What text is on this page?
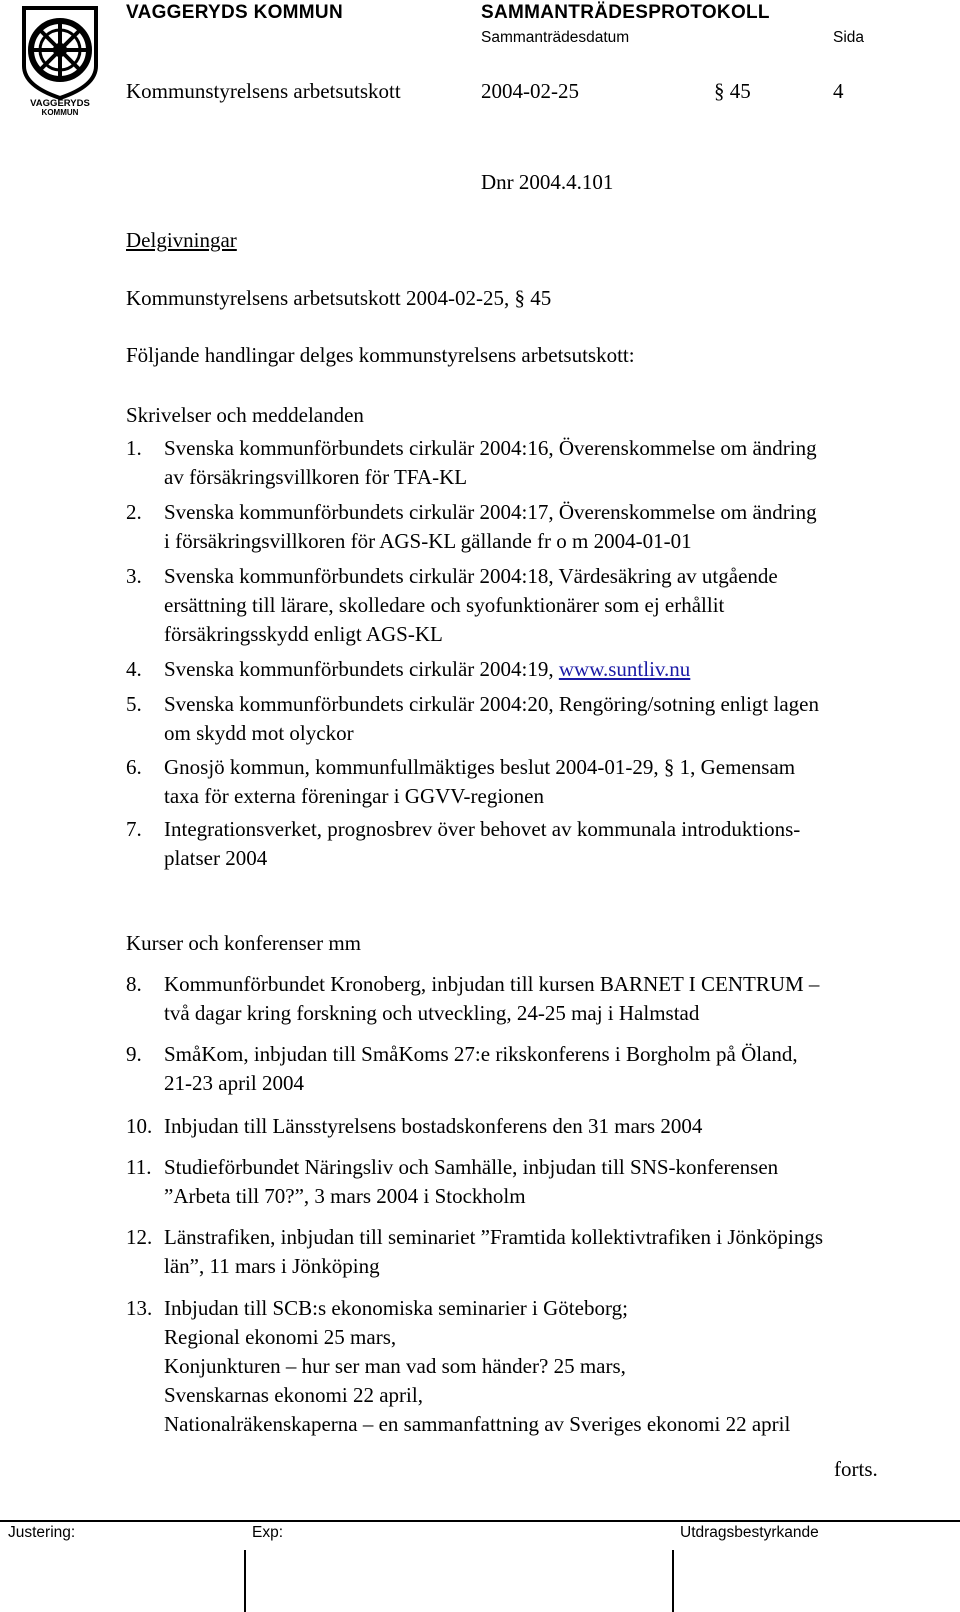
VAGGERYDS
KOMMUN
VAGGERYDS KOMMUN	SAMMANTRÄDESPROTOKOLL
Sammanträdesdatum	Sida
Kommunstyrelsens arbetsutskott	2004-02-25	§ 45	4
Dnr 2004.4.101
Delgivningar
Kommunstyrelsens arbetsutskott 2004-02-25, § 45
Följande handlingar delges kommunstyrelsens arbetsutskott:
Skrivelser och meddelanden
1. Svenska kommunförbundets cirkulär 2004:16, Överenskommelse om ändring
av försäkringsvillkoren för TFA-KL
2. Svenska kommunförbundets cirkulär 2004:17, Överenskommelse om ändring
i försäkringsvillkoren för AGS-KL gällande fr o m 2004-01-01
3. Svenska kommunförbundets cirkulär 2004:18, Värdesäkring av utgående
ersättning till lärare, skolledare och syofunktionärer som ej erhållit
försäkringsskydd enligt AGS-KL
4. Svenska kommunförbundets cirkulär 2004:19, www.suntliv.nu
5. Svenska kommunförbundets cirkulär 2004:20, Rengöring/sotning enligt lagen
om skydd mot olyckor
6. Gnosjö kommun, kommunfullmäktiges beslut 2004-01-29, § 1, Gemensam
taxa för externa föreningar i GGVV-regionen
7. Integrationsverket, prognosbrev över behovet av kommunala introduktions-
platser 2004
Kurser och konferenser mm
8. Kommunförbundet Kronoberg, inbjudan till kursen BARNET I CENTRUM –
två dagar kring forskning och utveckling, 24-25 maj i Halmstad
9. SmåKom, inbjudan till SmåKoms 27:e rikskonferens i Borgholm på Öland,
21-23 april 2004
10. Inbjudan till Länsstyrelsens bostadskonferens den 31 mars 2004
11. Studieförbundet Näringsliv och Samhälle, inbjudan till SNS-konferensen
”Arbeta till 70?”, 3 mars 2004 i Stockholm
12. Länstrafiken, inbjudan till seminariet ”Framtida kollektivtrafiken i Jönköpings
län”, 11 mars i Jönköping
13. Inbjudan till SCB:s ekonomiska seminarier i Göteborg;
Regional ekonomi 25 mars,
Konjunkturen – hur ser man vad som händer? 25 mars,
Svenskarnas ekonomi 22 april,
Nationalräkenskaperna – en sammanfattning av Sveriges ekonomi 22 april
forts.
Justering:	Exp:	Utdragsbestyrkande
